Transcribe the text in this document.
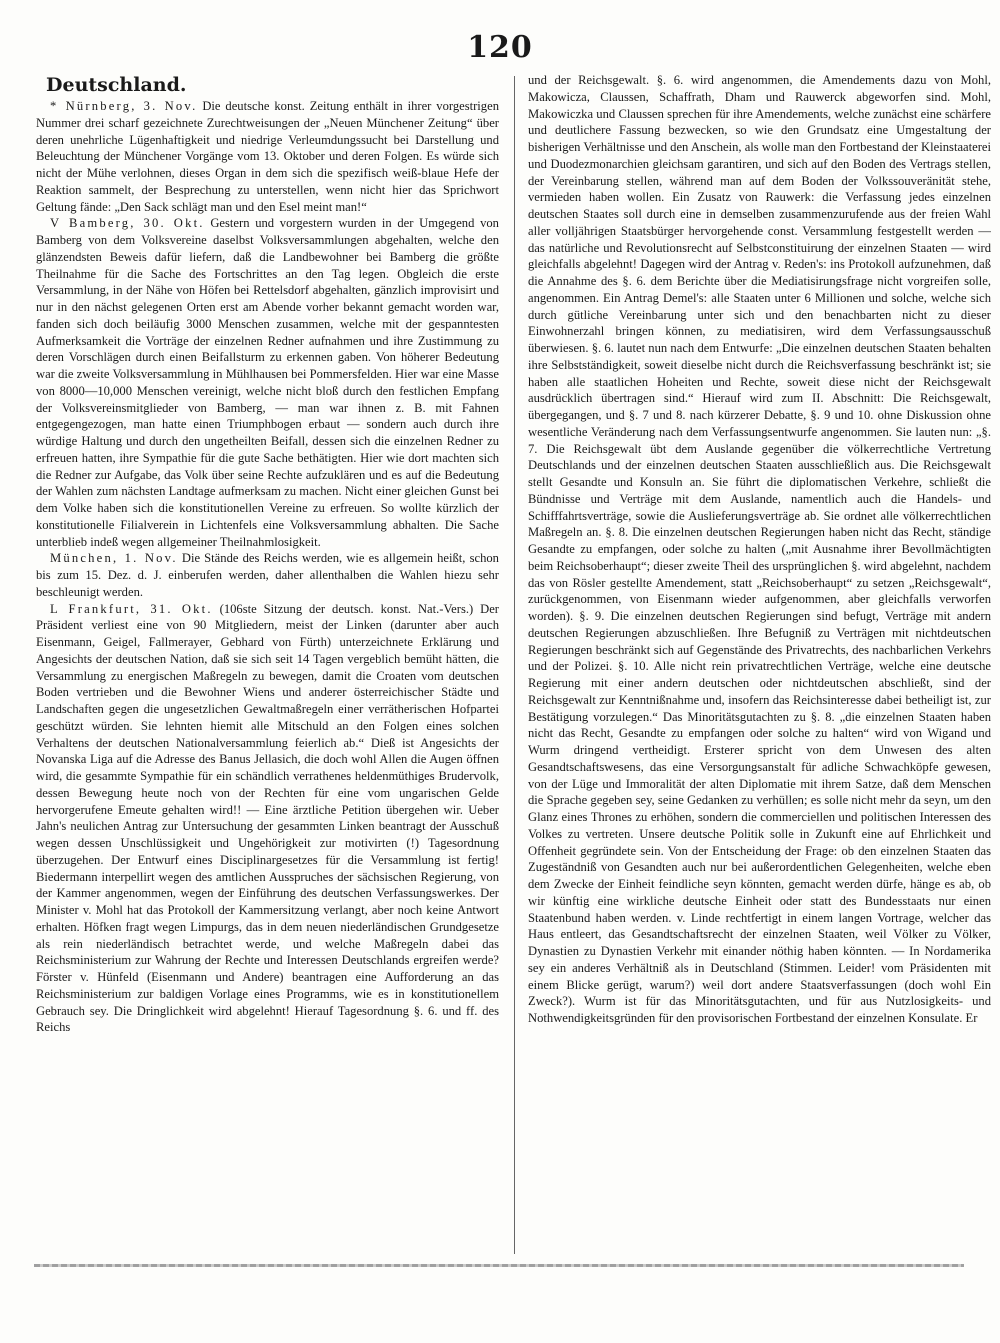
120
Deutschland.

* Nürnberg, 3. Nov. Die deutsche konst. Zeitung enthält in ihrer vorgestrigen Nummer drei scharf gezeichnete Zurechtweisungen der „Neuen Münchener Zeitung“ über deren unehrliche Lügenhaftigkeit und niedrige Verleumdungssucht bei Darstellung und Beleuchtung der Münchener Vorgänge vom 13. Oktober und deren Folgen. Es würde sich nicht der Mühe verlohnen, dieses Organ in dem sich die spezifisch weiß-blaue Hefe der Reaktion sammelt, der Besprechung zu unterstellen, wenn nicht hier das Sprichwort Geltung fände: „Den Sack schlägt man und den Esel meint man!“

V Bamberg, 30. Okt. Gestern und vorgestern wurden in der Umgegend von Bamberg von dem Volksvereine daselbst Volksversammlungen abgehalten, welche den glänzendsten Beweis dafür liefern, daß die Landbewohner bei Bamberg die größte Theilnahme für die Sache des Fortschrittes an den Tag legen. Obgleich die erste Versammlung, in der Nähe von Höfen bei Rettelsdorf abgehalten, gänzlich improvisirt und nur in den nächst gelegenen Orten erst am Abende vorher bekannt gemacht worden war, fanden sich doch beiläufig 3000 Menschen zusammen, welche mit der gespanntesten Aufmerksamkeit die Vorträge der einzelnen Redner aufnahmen und ihre Zustimmung zu deren Vorschlägen durch einen Beifallsturm zu erkennen gaben. Von höherer Bedeutung war die zweite Volksversammlung in Mühlhausen bei Pommersfelden. Hier war eine Masse von 8000—10,000 Menschen vereinigt, welche nicht bloß durch den festlichen Empfang der Volksvereinsmitglieder von Bamberg, — man war ihnen z. B. mit Fahnen entgegengezogen, man hatte einen Triumphbogen erbaut — sondern auch durch ihre würdige Haltung und durch den ungetheilten Beifall, dessen sich die einzelnen Redner zu erfreuen hatten, ihre Sympathie für die gute Sache bethätigten. Hier wie dort machten sich die Redner zur Aufgabe, das Volk über seine Rechte aufzuklären und es auf die Bedeutung der Wahlen zum nächsten Landtage aufmerksam zu machen. Nicht einer gleichen Gunst bei dem Volke haben sich die konstitutionellen Vereine zu erfreuen. So wollte kürzlich der konstitutionelle Filialverein in Lichtenfels eine Volksversammlung abhalten. Die Sache unterblieb indeß wegen allgemeiner Theilnahmlosigkeit.

München, 1. Nov. Die Stände des Reichs werden, wie es allgemein heißt, schon bis zum 15. Dez. d. J. einberufen werden, daher allenthalben die Wahlen hiezu sehr beschleunigt werden.

L Frankfurt, 31. Okt. (106ste Sitzung der deutsch. konst. Nat.-Vers.) Der Präsident verliest eine von 90 Mitgliedern, meist der Linken (darunter aber auch Eisenmann, Geigel, Fallmerayer, Gebhard von Fürth) unterzeichnete Erklärung und Angesichts der deutschen Nation, daß sie sich seit 14 Tagen vergeblich bemüht hätten, die Versammlung zu energischen Maßregeln zu bewegen, damit die Croaten vom deutschen Boden vertrieben und die Bewohner Wiens und anderer österreichischer Städte und Landschaften gegen die ungesetzlichen Gewaltmaßregeln einer verrätherischen Hofpartei geschützt würden. Sie lehnten hiemit alle Mitschuld an den Folgen eines solchen Verhaltens der deutschen Nationalversammlung feierlich ab.“ Dieß ist Angesichts der Novanska Liga auf die Adresse des Banus Jellasich, die doch wohl Allen die Augen öffnen wird, die gesammte Sympathie für ein schändlich verrathenes heldenmüthiges Brudervolk, dessen Bewegung heute noch von der Rechten für eine vom ungarischen Gelde hervorgerufene Emeute gehalten wird!! — Eine ärztliche Petition übergehen wir. Ueber Jahn's neulichen Antrag zur Untersuchung der gesammten Linken beantragt der Ausschuß wegen dessen Unschlüssigkeit und Ungehörigkeit zur motivirten (!) Tagesordnung überzugehen. Der Entwurf eines Disciplinargesetzes für die Versammlung ist fertig! Biedermann interpellirt wegen des amtlichen Ausspruches der sächsischen Regierung, von der Kammer angenommen, wegen der Einführung des deutschen Verfassungswerkes. Der Minister v. Mohl hat das Protokoll der Kammersitzung verlangt, aber noch keine Antwort erhalten. Höfken fragt wegen Limpurgs, das in dem neuen niederländischen Grundgesetze als rein niederländisch betrachtet werde, und welche Maßregeln dabei das Reichsministerium zur Wahrung der Rechte und Interessen Deutschlands ergreifen werde? Förster v. Hünfeld (Eisenmann und Andere) beantragen eine Aufforderung an das Reichsministerium zur baldigen Vorlage eines Programms, wie es in konstitutionellem Gebrauch sey. Die Dringlichkeit wird abgelehnt! Hierauf Tagesordnung §. 6. und ff. des Reichs

und der Reichsgewalt. §. 6. wird angenommen, die Amendements dazu von Mohl, Makowicza, Claussen, Schaffrath, Dham und Rauwerck abgeworfen sind. Mohl, Makowiczka und Claussen sprechen für ihre Amendements, welche zunächst eine schärfere und deutlichere Fassung bezwecken, so wie den Grundsatz eine Umgestaltung der bisherigen Verhältnisse und den Anschein, als wolle man den Fortbestand der Kleinstaaterei und Duodezmonarchien gleichsam garantiren, und sich auf den Boden des Vertrags stellen, der Vereinbarung stellen, während man auf dem Boden der Volkssouveränität stehe, vermieden haben wollen. Ein Zusatz von Rauwerk: die Verfassung jedes einzelnen deutschen Staates soll durch eine in demselben zusammenzurufende aus der freien Wahl aller volljährigen Staatsbürger hervorgehende const. Versammlung festgestellt werden — das natürliche und Revolutionsrecht auf Selbstconstituirung der einzelnen Staaten — wird gleichfalls abgelehnt! Dagegen wird der Antrag v. Reden's: ins Protokoll aufzunehmen, daß die Annahme des §. 6. dem Berichte über die Mediatisirungsfrage nicht vorgreifen solle, angenommen. Ein Antrag Demel's: alle Staaten unter 6 Millionen und solche, welche sich durch gütliche Vereinbarung unter sich und den benachbarten nicht zu dieser Einwohnerzahl bringen können, zu mediatisiren, wird dem Verfassungsausschuß überwiesen. §. 6. lautet nun nach dem Entwurfe: „Die einzelnen deutschen Staaten behalten ihre Selbstständigkeit, soweit dieselbe nicht durch die Reichsverfassung beschränkt ist; sie haben alle staatlichen Hoheiten und Rechte, soweit diese nicht der Reichsgewalt ausdrücklich übertragen sind.“ Hierauf wird zum II. Abschnitt: Die Reichsgewalt, übergegangen, und §. 7 und 8. nach kürzerer Debatte, §. 9 und 10. ohne Diskussion ohne wesentliche Veränderung nach dem Verfassungsentwurfe angenommen. Sie lauten nun: „§. 7. Die Reichsgewalt übt dem Auslande gegenüber die völkerrechtliche Vertretung Deutschlands und der einzelnen deutschen Staaten ausschließlich aus. Die Reichsgewalt stellt Gesandte und Konsuln an. Sie führt die diplomatischen Verkehre, schließt die Bündnisse und Verträge mit dem Auslande, namentlich auch die Handels- und Schifffahrtsverträge, sowie die Auslieferungsverträge ab. Sie ordnet alle völkerrechtlichen Maßregeln an. §. 8. Die einzelnen deutschen Regierungen haben nicht das Recht, ständige Gesandte zu empfangen, oder solche zu halten („mit Ausnahme ihrer Bevollmächtigten beim Reichsoberhaupt“; dieser zweite Theil des ursprünglichen §. wird abgelehnt, nachdem das von Rösler gestellte Amendement, statt „Reichsoberhaupt“ zu setzen „Reichsgewalt“, zurückgenommen, von Eisenmann wieder aufgenommen, aber gleichfalls verworfen worden). §. 9. Die einzelnen deutschen Regierungen sind befugt, Verträge mit andern deutschen Regierungen abzuschließen. Ihre Befugniß zu Verträgen mit nichtdeutschen Regierungen beschränkt sich auf Gegenstände des Privatrechts, des nachbarlichen Verkehrs und der Polizei. §. 10. Alle nicht rein privatrechtlichen Verträge, welche eine deutsche Regierung mit einer andern deutschen oder nichtdeutschen abschließt, sind der Reichsgewalt zur Kenntnißnahme und, insofern das Reichsinteresse dabei betheiligt ist, zur Bestätigung vorzulegen.“ Das Minoritätsgutachten zu §. 8. „die einzelnen Staaten haben nicht das Recht, Gesandte zu empfangen oder solche zu halten“ wird von Wigand und Wurm dringend vertheidigt. Ersterer spricht von dem Unwesen des alten Gesandtschaftswesens, das eine Versorgungsanstalt für adliche Schwachköpfe gewesen, von der Lüge und Immoralität der alten Diplomatie mit ihrem Satze, daß dem Menschen die Sprache gegeben sey, seine Gedanken zu verhüllen; es solle nicht mehr da seyn, um den Glanz eines Thrones zu erhöhen, sondern die commerciellen und politischen Interessen des Volkes zu vertreten. Unsere deutsche Politik solle in Zukunft eine auf Ehrlichkeit und Offenheit gegründete sein. Von der Entscheidung der Frage: ob den einzelnen Staaten das Zugeständniß von Gesandten auch nur bei außerordentlichen Gelegenheiten, welche eben dem Zwecke der Einheit feindliche seyn könnten, gemacht werden dürfe, hänge es ab, ob wir künftig eine wirkliche deutsche Einheit oder statt des Bundesstaats nur einen Staatenbund haben werden. v. Linde rechtfertigt in einem langen Vortrage, welcher das Haus entleert, das Gesandtschaftsrecht der einzelnen Staaten, weil Völker zu Völker, Dynastien zu Dynastien Verkehr mit einander nöthig haben könnten. — In Nordamerika sey ein anderes Verhältniß als in Deutschland (Stimmen. Leider! vom Präsidenten mit einem Blicke gerügt, warum?) weil dort andere Staatsverfassungen (doch wohl Ein Zweck?). Wurm ist für das Minoritätsgutachten, und für aus Nutzlosigkeits- und Nothwendigkeitsgründen für den provisorischen Fortbestand der einzelnen Konsulate. Er
